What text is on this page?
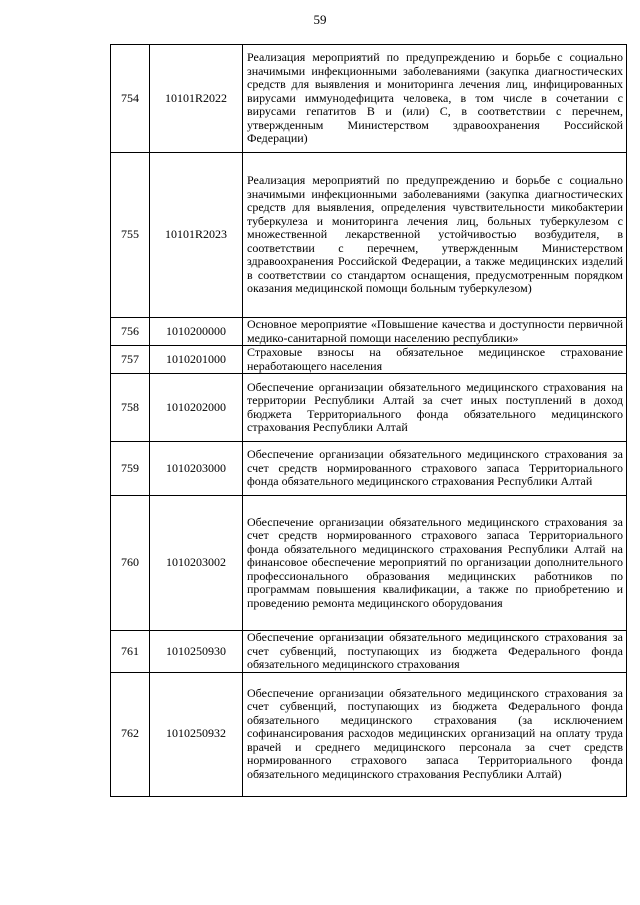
59
754	10101R2022	Реализация мероприятий по предупреждению и борьбе с социально значимыми инфекционными заболеваниями (закупка диагностических средств для выявления и мониторинга лечения лиц, инфицированных вирусами иммунодефицита человека, в том числе в сочетании с вирусами гепатитов В и (или) С, в соответствии с перечнем, утвержденным Министерством здравоохранения Российской Федерации)
755	10101R2023	Реализация мероприятий по предупреждению и борьбе с социально значимыми инфекционными заболеваниями (закупка диагностических средств для выявления, определения чувствительности микобактерии туберкулеза и мониторинга лечения лиц, больных туберкулезом с множественной лекарственной устойчивостью возбудителя, в соответствии с перечнем, утвержденным Министерством здравоохранения Российской Федерации, а также медицинских изделий в соответствии со стандартом оснащения, предусмотренным порядком оказания медицинской помощи больным туберкулезом)
756	1010200000	Основное мероприятие «Повышение качества и доступности первичной медико-санитарной помощи населению республики»
757	1010201000	Страховые взносы на обязательное медицинское страхование неработающего населения
758	1010202000	Обеспечение организации обязательного медицинского страхования на территории Республики Алтай за счет иных поступлений в доход бюджета Территориального фонда обязательного медицинского страхования Республики Алтай
759	1010203000	Обеспечение организации обязательного медицинского страхования за счет средств нормированного страхового запаса Территориального фонда обязательного медицинского страхования Республики Алтай
760	1010203002	Обеспечение организации обязательного медицинского страхования за счет средств нормированного страхового запаса Территориального фонда обязательного медицинского страхования Республики Алтай на финансовое обеспечение мероприятий по организации дополнительного профессионального образования медицинских работников по программам повышения квалификации, а также по приобретению и проведению ремонта медицинского оборудования
761	1010250930	Обеспечение организации обязательного медицинского страхования за счет субвенций, поступающих из бюджета Федерального фонда обязательного медицинского страхования
762	1010250932	Обеспечение организации обязательного медицинского страхования за счет субвенций, поступающих из бюджета Федерального фонда обязательного медицинского страхования (за исключением софинансирования расходов медицинских организаций на оплату труда врачей и среднего медицинского персонала за счет средств нормированного страхового запаса Территориального фонда обязательного медицинского страхования Республики Алтай)
